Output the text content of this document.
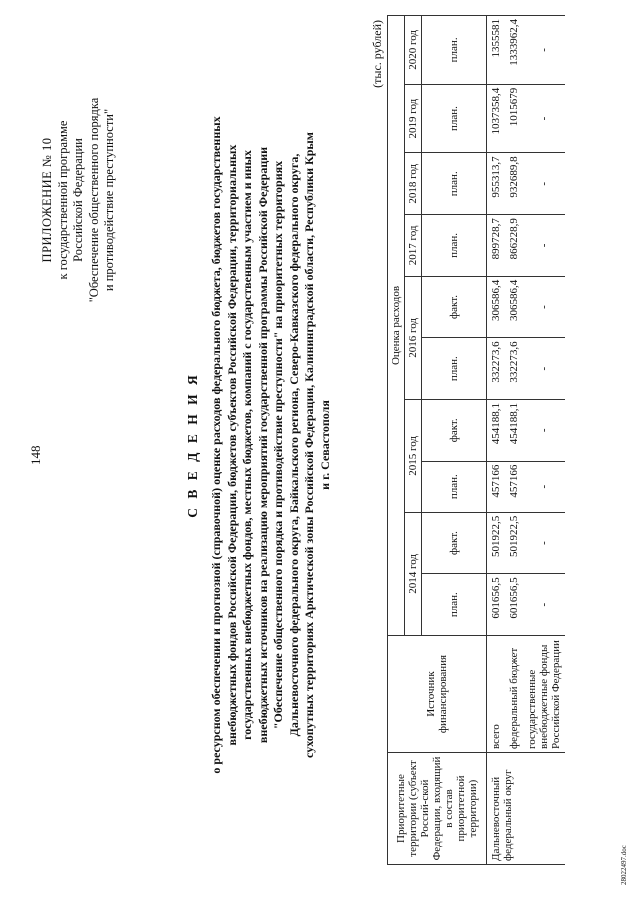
148
ПРИЛОЖЕНИЕ № 10 к государственной программе Российской Федерации "Обеспечение общественного порядка и противодействие преступности"
С В Е Д Е Н И Я о ресурсном обеспечении и прогнозной (справочной) оценке расходов федерального бюджета, бюджетов государственных внебюджетных фондов Российской Федерации, бюджетов субъектов Российской Федерации, территориальных государственных внебюджетных фондов, местных бюджетов, компаний с государственным участием и иных внебюджетных источников на реализацию мероприятий государственной программы Российской Федерации "Обеспечение общественного порядка и противодействие преступности" на приоритетных территориях Дальневосточного федерального округа, Байкальского региона, Северо-Кавказского федерального округа, сухопутных территориях Арктической зоны Российской Федерации, Калининградской области, Республики Крым и г. Севастополя
(тыс. рублей)
Приоритетные территории (субъект Россий-ской Федерации, входящий в состав приоритетной территории)	Источник финансирования	Оценка расходов									
		2014 год		2015 год		2016 год		2017 год	2018 год	2019 год	2020 год
		план.	факт.	план.	факт.	план.	факт.	план.	план.	план.	план.
Дальневосточный федеральный округ	всего	601656,5	501922,5	457166	454188,1	332273,6	306586,4	899728,7	955313,7	1037358,4	1355581
	федеральный бюджет	601656,5	501922,5	457166	454188,1	332273,6	306586,4	866228,9	932689,8	1015679	1333962,4
	государственные внебюджетные фонды Российской Федерации	-	-	-	-	-	-	-	-	-	-
28022497.doc
